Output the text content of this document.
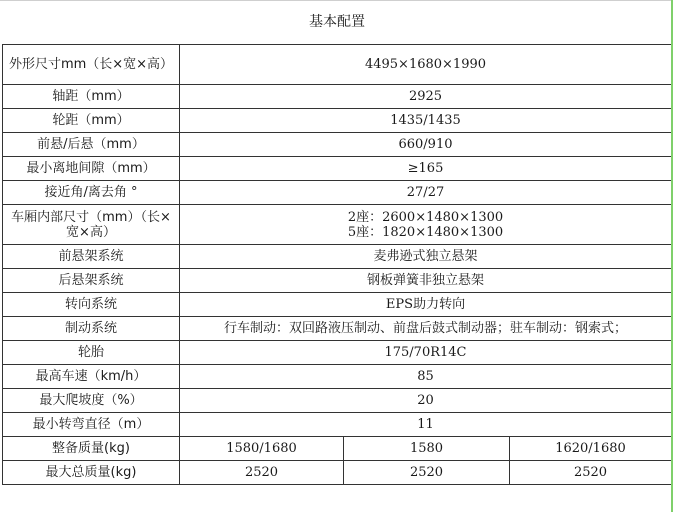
基本配置			
外形尺寸mm（长×宽×高）	4495×1680×1990		
轴距（mm）	2925		
轮距（mm）	1435/1435		
前悬/后悬（mm）	660/910		
最小离地间隙（mm）	≥165		
接近角/离去角 °	27/27		
车厢内部尺寸（mm）（长×宽×高）	2座：2600×1480×1300
5座：1820×1480×1300		

前悬架系统	麦弗逊式独立悬架		
后悬架系统	钢板弹簧非独立悬架		
转向系统	EPS助力转向		
制动系统	行车制动：双回路液压制动、前盘后鼓式制动器；驻车制动：钢索式；		
轮胎	175/70R14C		
最高车速（km/h）	85		
最大爬坡度（%）	20		
最小转弯直径（m）	11		
整备质量(kg)	1580/1680	1580	1620/1680
最大总质量(kg)	2520	2520	2520
